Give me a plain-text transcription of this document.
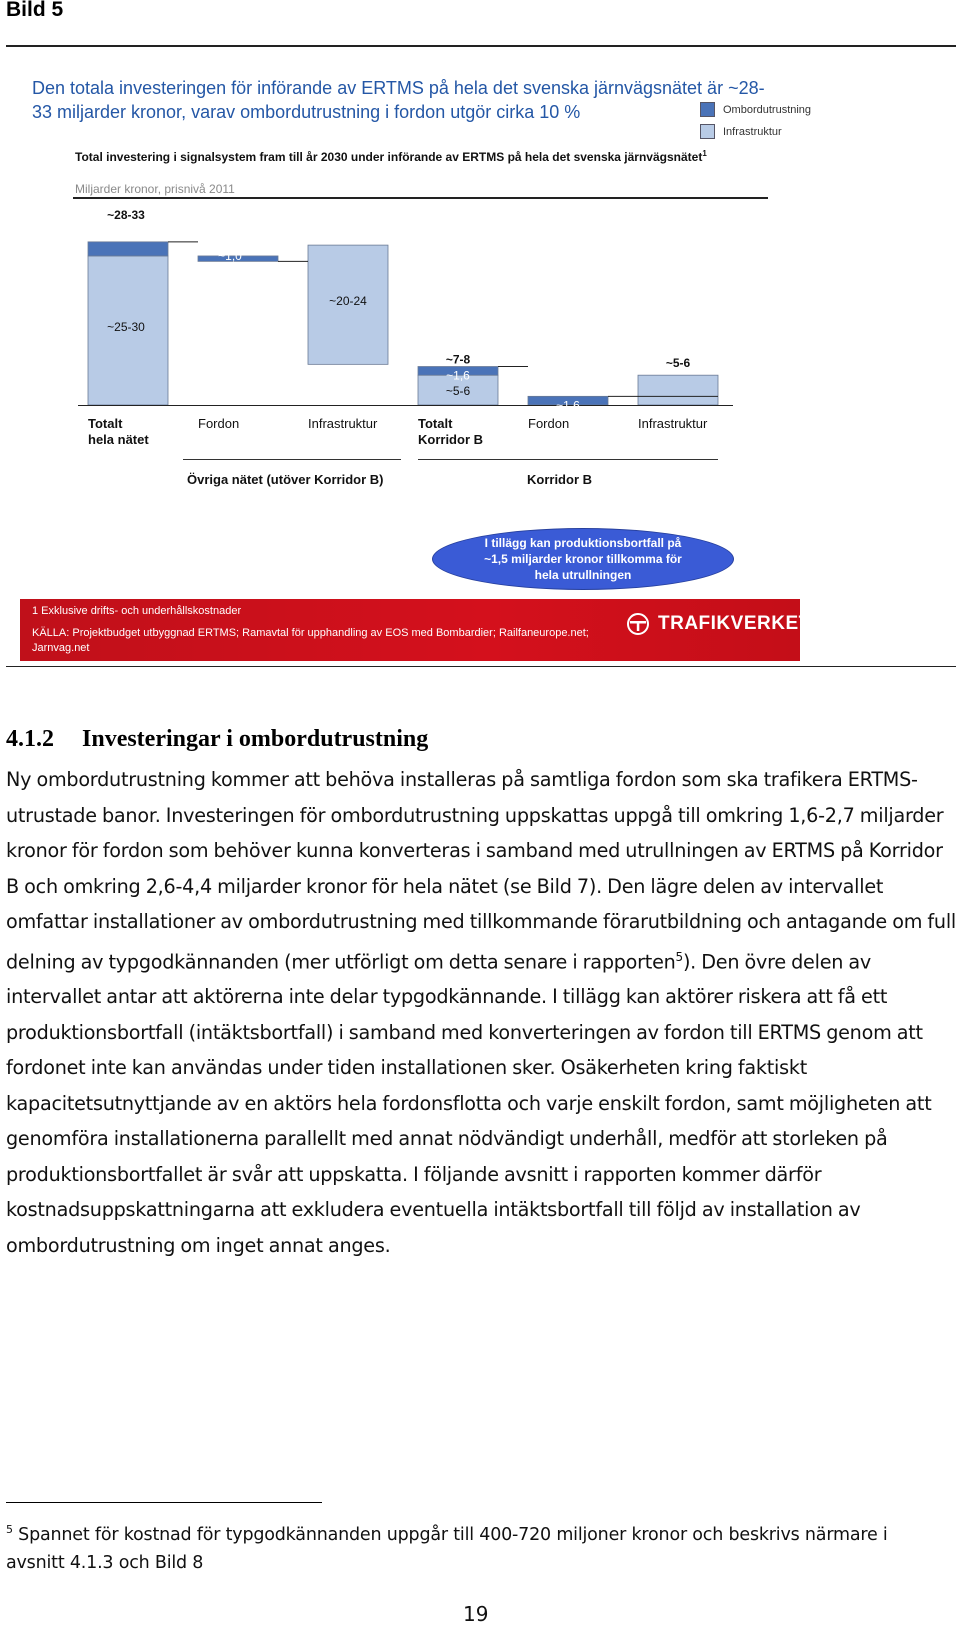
Bild 5
Den totala investeringen för införande av ERTMS på hela det svenska järnvägsnätet är ~28-33 miljarder kronor, varav ombordutrustning i fordon utgör cirka 10 %	Ombordutrustning
Infrastruktur
Total investering i signalsystem fram till år 2030 under införande av ERTMS på hela det svenska järnvägsnätet$^1$
Miljarder kronor, prisnivå 2011
~28-33
~7-8
~2,6
~1,0
~1,6
~1,6
~25-30
~20-24
~5-6
~5-6
Totalt
hela nätet
Fordon	Infrastruktur	Totalt
Korridor B
Fordon	Infrastruktur
Övriga nätet (utöver Korridor B)	Korridor B
I tillägg kan produktionsbortfall på ~1,5 miljarder kronor tillkomma för hela utrullningen
1 Exklusive drifts- och underhållskostnader
KÄLLA: Projektbudget utbyggnad ERTMS; Ramavtal för upphandling av EOS med Bombardier; Railfaneurope.net; Jarnvag.net
TRAFIKVERKET
4.1.2 Investeringar i ombordutrustning
Ny ombordutrustning kommer att behöva installeras på samtliga fordon som ska trafikera ERTMS-utrustade banor. Investeringen för ombordutrustning uppskattas uppgå till omkring 1,6-2,7 miljarder kronor för fordon som behöver kunna konverteras i samband med utrullningen av ERTMS på Korridor B och omkring 2,6-4,4 miljarder kronor för hela nätet (se Bild 7). Den lägre delen av intervallet omfattar installationer av ombordutrustning med tillkommande förarutbildning och antagande om full delning av typgodkännanden (mer utförligt om detta senare i rapporten$^5$). Den övre delen av intervallet antar att aktörerna inte delar typgodkännande. I tillägg kan aktörer riskera att få ett produktionsbortfall (intäktsbortfall) i samband med konverteringen av fordon till ERTMS genom att fordonet inte kan användas under tiden installationen sker. Osäkerheten kring faktiskt kapacitetsutnyttjande av en aktörs hela fordonsflotta och varje enskilt fordon, samt möjligheten att genomföra installationerna parallellt med annat nödvändigt underhåll, medför att storleken på produktionsbortfallet är svår att uppskatta. I följande avsnitt i rapporten kommer därför kostnadsuppskattningarna att exkludera eventuella intäktsbortfall till följd av installation av ombordutrustning om inget annat anges.
$^5$ Spannet för kostnad för typgodkännanden uppgår till 400-720 miljoner kronor och beskrivs närmare i avsnitt 4.1.3 och Bild 8
19
